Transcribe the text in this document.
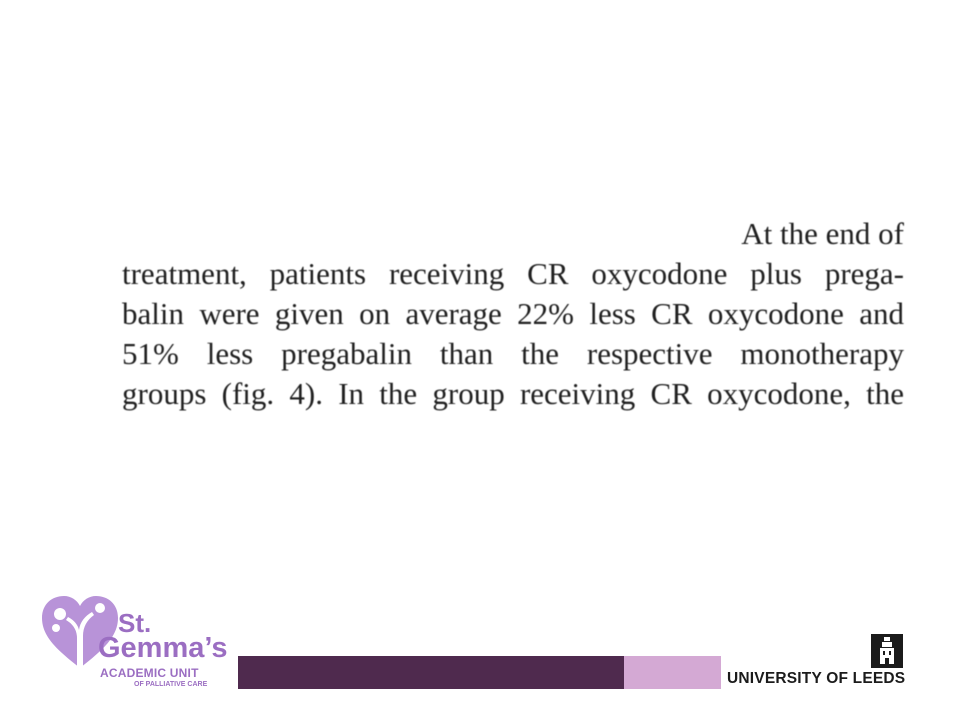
At the end of
treatment, patients receiving CR oxycodone plus prega-
balin were given on average 22% less CR oxycodone and
51% less pregabalin than the respective monotherapy
groups (fig. 4). In the group receiving CR oxycodone, the
St.
Gemma’s
ACADEMIC UNIT
OF PALLIATIVE CARE	UNIVERSITY OF LEEDS
